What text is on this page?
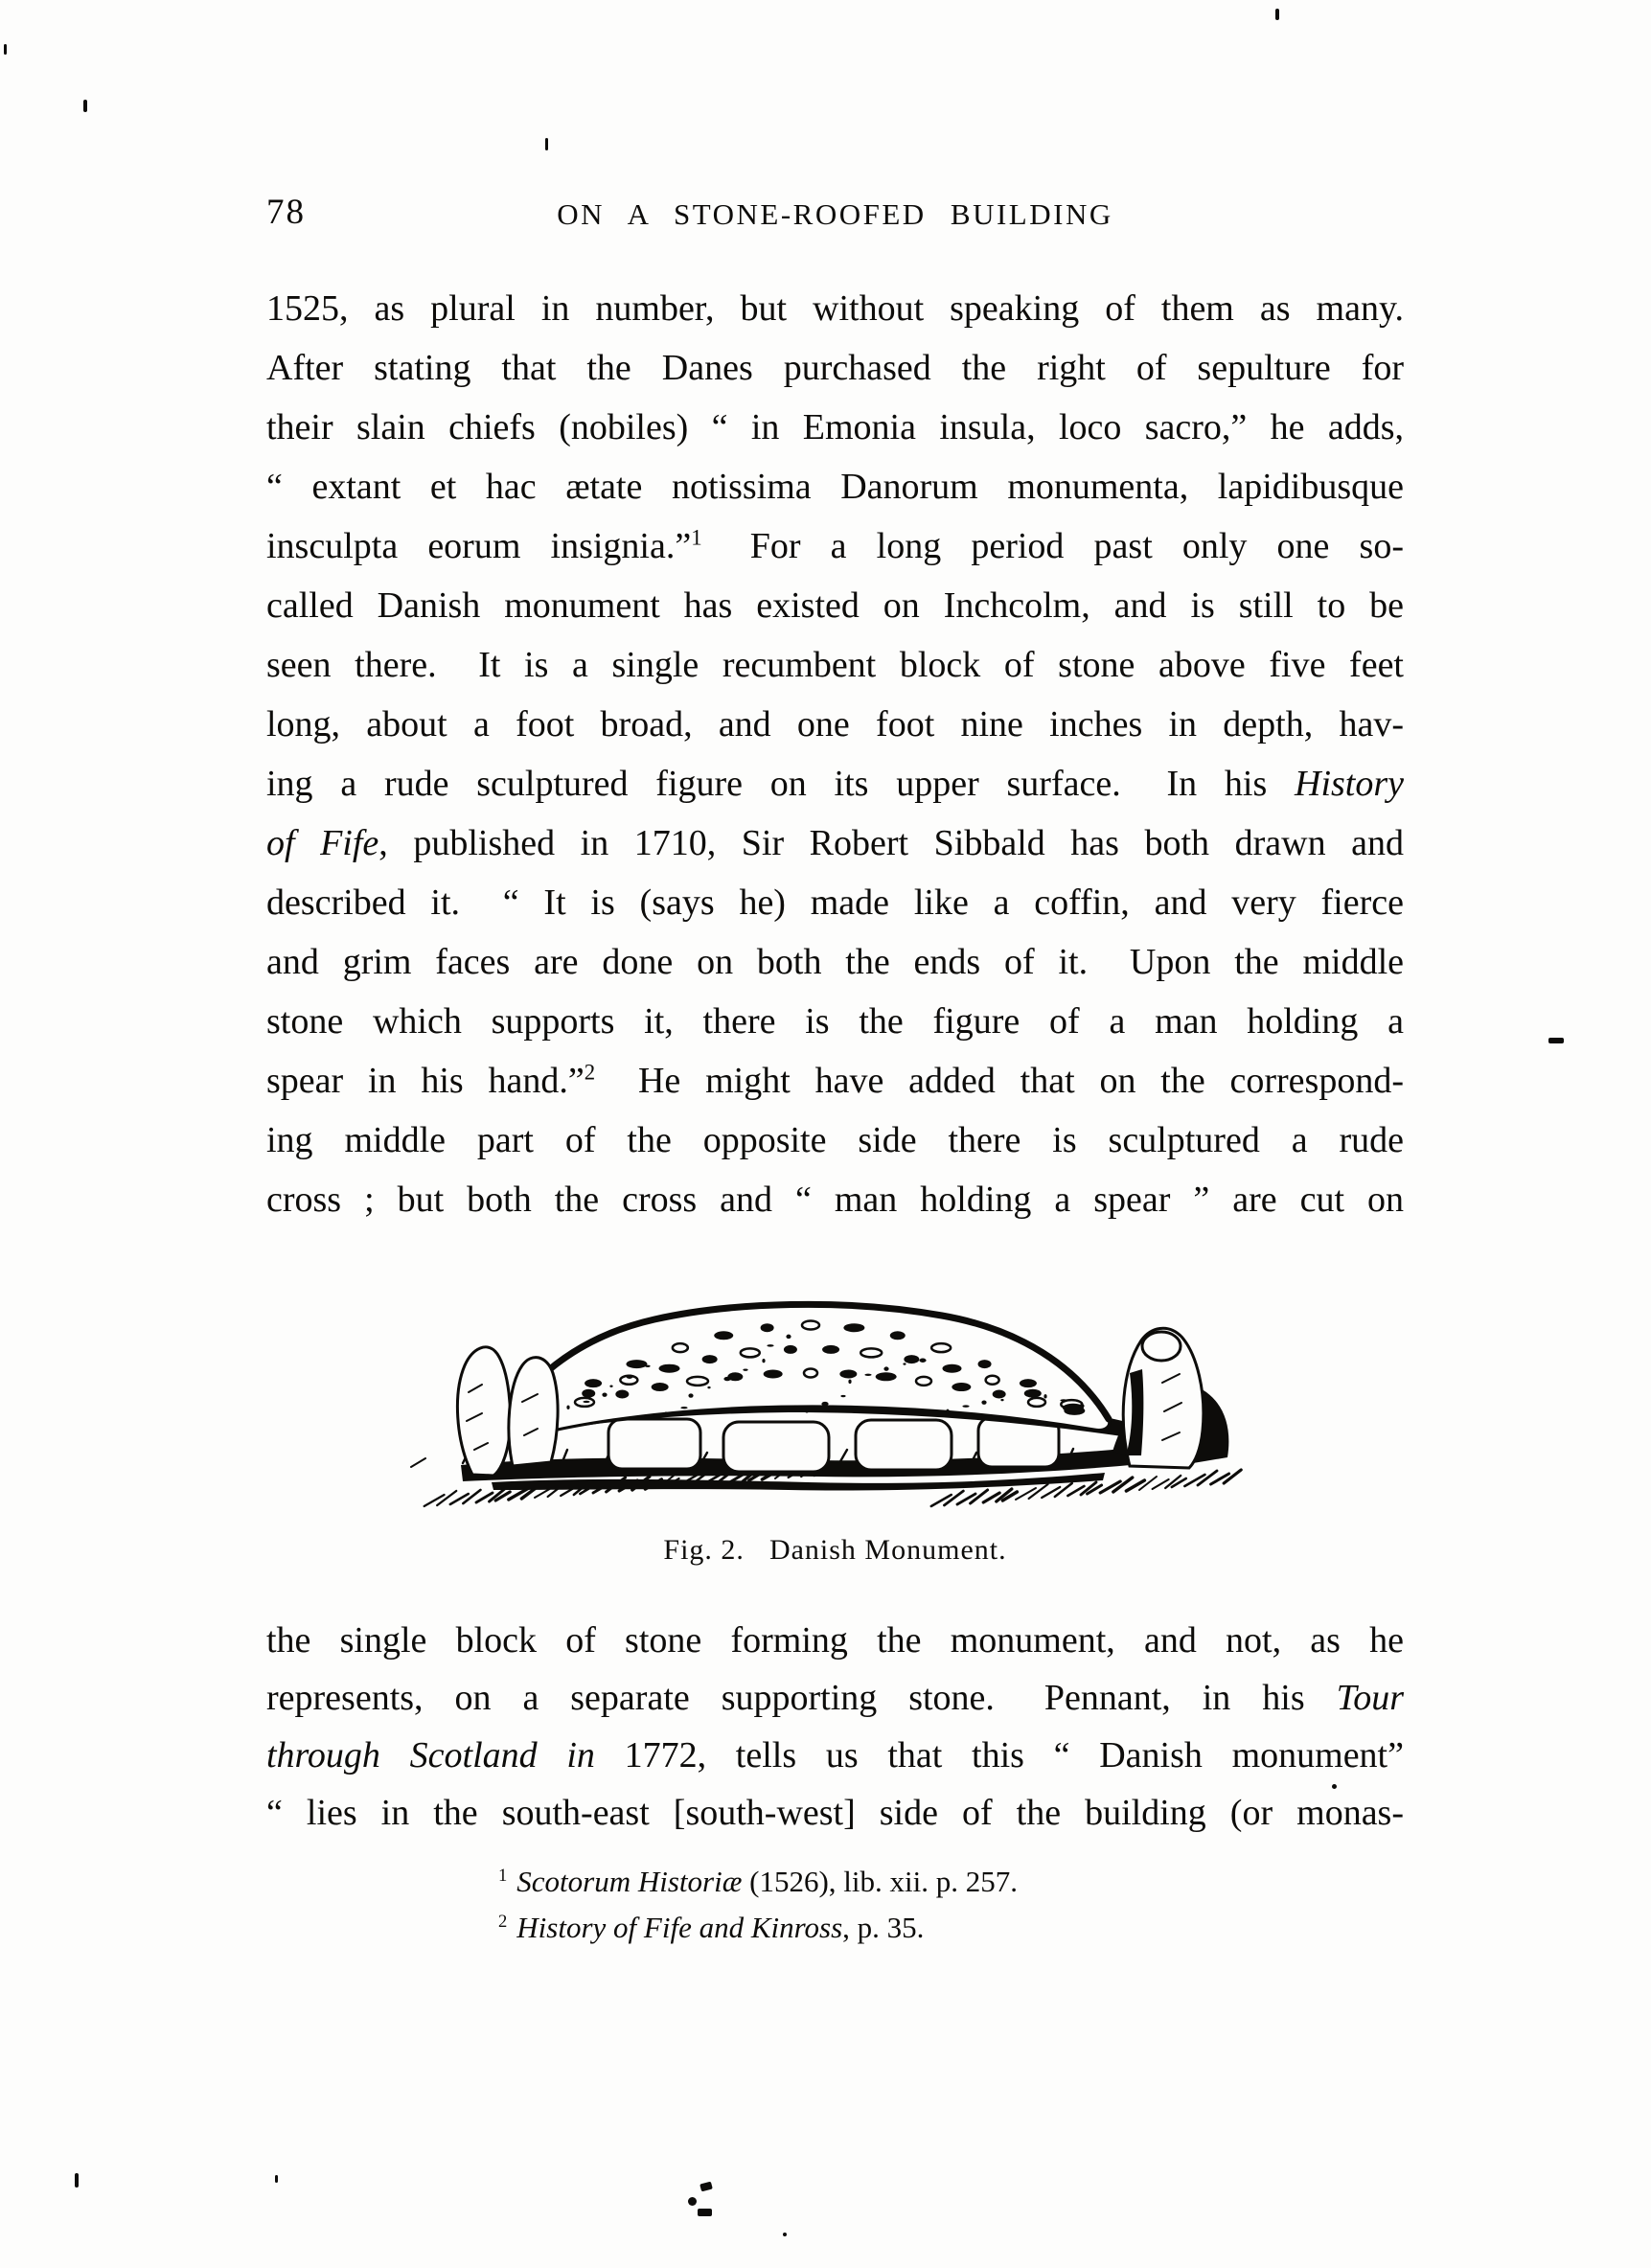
78	ON A STONE-ROOFED BUILDING
1525, as plural in number, but without speaking of them as many.
After stating that the Danes purchased the right of sepulture for
their slain chiefs (nobiles) “ in Emonia insula, loco sacro,” he adds,
“ extant et hac ætate notissima Danorum monumenta, lapidibusque
insculpta eorum insignia.”$^1$  For a long period past only one so-
called Danish monument has existed on Inchcolm, and is still to be
seen there.  It is a single recumbent block of stone above five feet
long, about a foot broad, and one foot nine inches in depth, hav-
ing a rude sculptured figure on its upper surface.  In his History
of Fife, published in 1710, Sir Robert Sibbald has both drawn and
described it.  “ It is (says he) made like a coffin, and very fierce
and grim faces are done on both the ends of it.  Upon the middle
stone which supports it, there is the figure of a man holding a
spear in his hand.”$^2$  He might have added that on the correspond-
ing middle part of the opposite side there is sculptured a rude
cross ; but both the cross and “ man holding a spear ” are cut on
Fig. 2. Danish Monument.
the single block of stone forming the monument, and not, as he
represents, on a separate supporting stone.  Pennant, in his Tour
through Scotland in 1772, tells us that this “ Danish monument”
“ lies in the south-east [south-west] side of the building (or monas-
$^1$ Scotorum Historiæ (1526), lib. xii. p. 257.
$^2$ History of Fife and Kinross, p. 35.
